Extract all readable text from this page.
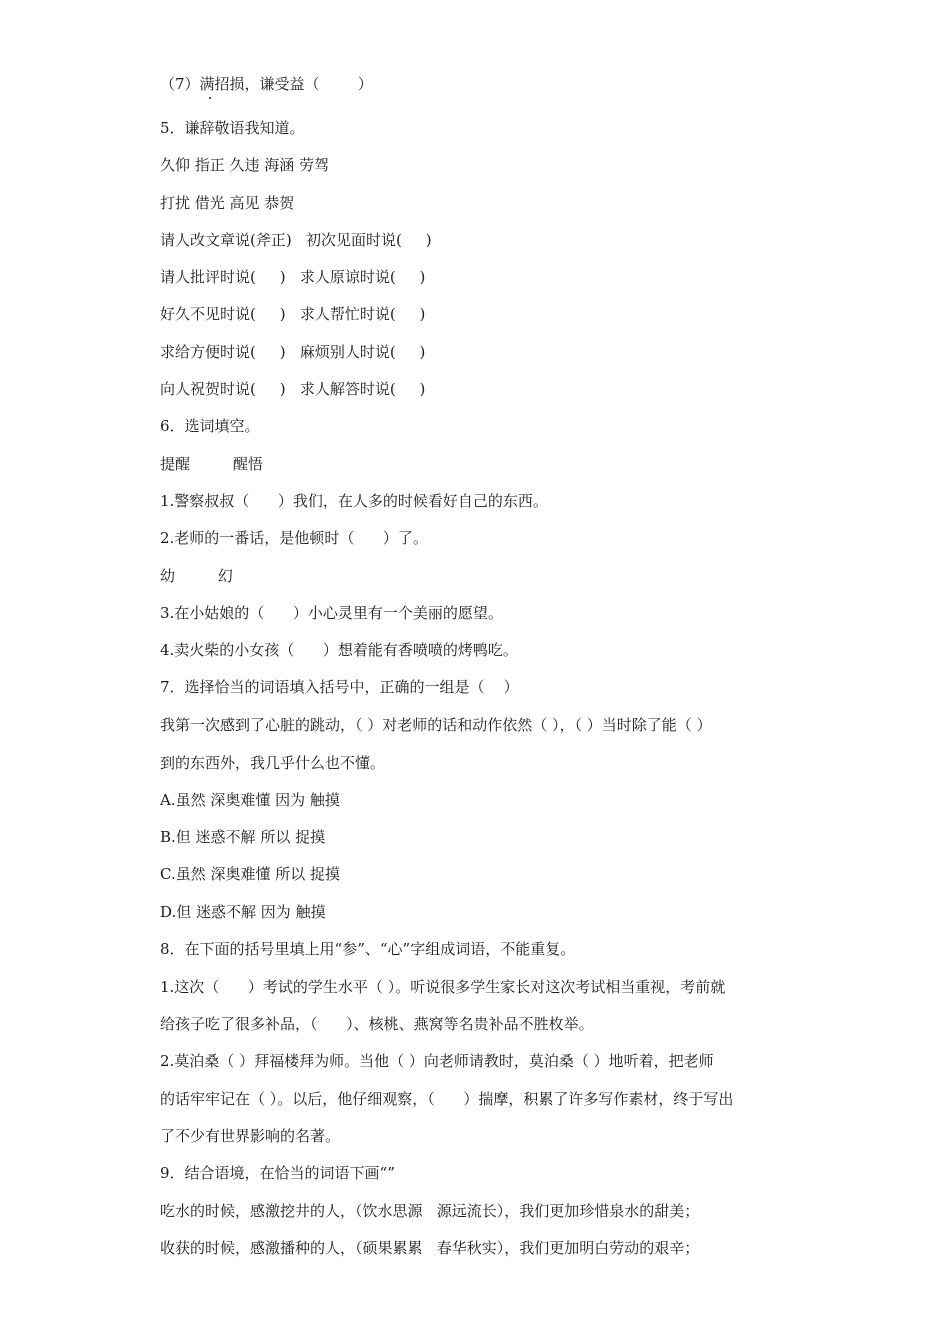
（7）满招损，谦受益（        ）
5．谦辞敬语我知道。
久仰 指正 久违 海涵 劳驾
打扰 借光 高见 恭贺
请人改文章说(斧正)   初次见面时说(     )
请人批评时说(     )   求人原谅时说(     )
好久不见时说(     )   求人帮忙时说(     )
求给方便时说(     )   麻烦别人时说(     )
向人祝贺时说(     )   求人解答时说(     )
6．选词填空。
提醒         醒悟
1.警察叔叔（      ）我们，在人多的时候看好自己的东西。
2.老师的一番话，是他顿时（      ）了。
幼         幻
3.在小姑娘的（      ）小心灵里有一个美丽的愿望。
4.卖火柴的小女孩（      ）想着能有香喷喷的烤鸭吃。
7．选择恰当的词语填入括号中，正确的一组是（    ）
我第一次感到了心脏的跳动，（ ）对老师的话和动作依然（ ），（ ）当时除了能（ ）
到的东西外，我几乎什么也不懂。
A.虽然 深奥难懂 因为 触摸
B.但 迷惑不解 所以 捉摸
C.虽然 深奥难懂 所以 捉摸
D.但 迷惑不解 因为 触摸
8．在下面的括号里填上用“参”、“心”字组成词语，不能重复。
1.这次（      ）考试的学生水平（ ）。听说很多学生家长对这次考试相当重视，考前就
给孩子吃了很多补品，（      ）、核桃、燕窝等名贵补品不胜枚举。
2.莫泊桑（ ）拜福楼拜为师。当他（ ）向老师请教时，莫泊桑（ ）地听着，把老师
的话牢牢记在（ ）。以后，他仔细观察，（      ）揣摩，积累了许多写作素材，终于写出
了不少有世界影响的名著。
9．结合语境，在恰当的词语下画“”
吃水的时候，感激挖井的人，（饮水思源   源远流长），我们更加珍惜泉水的甜美；
收获的时候，感激播种的人，（硕果累累   春华秋实），我们更加明白劳动的艰辛；
